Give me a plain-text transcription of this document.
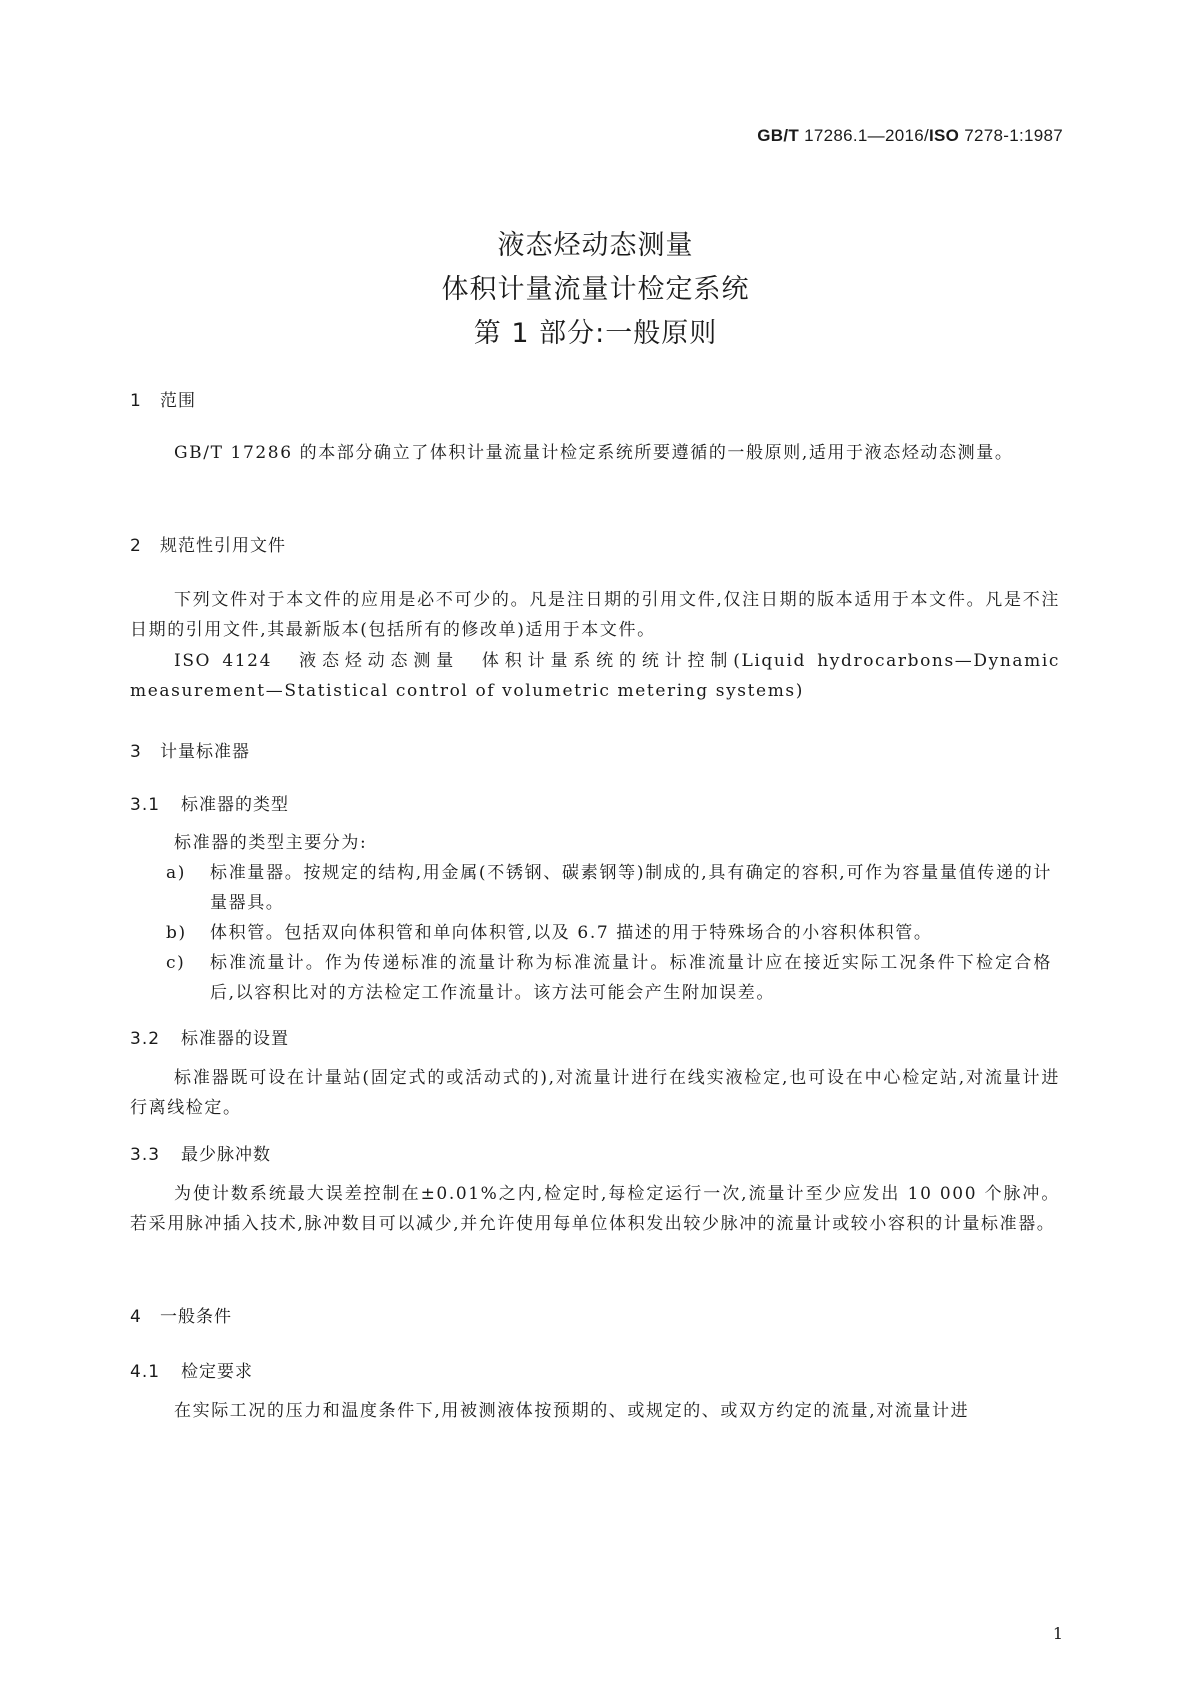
GB/T 17286.1—2016/ISO 7278-1:1987
液态烃动态测量
体积计量流量计检定系统
第 1 部分:一般原则
1 范围
GB/T 17286 的本部分确立了体积计量流量计检定系统所要遵循的一般原则,适用于液态烃动态测量。
2 规范性引用文件
下列文件对于本文件的应用是必不可少的。凡是注日期的引用文件,仅注日期的版本适用于本文件。凡是不注日期的引用文件,其最新版本(包括所有的修改单)适用于本文件。
ISO 4124　液态烃动态测量　体积计量系统的统计控制(Liquid hydrocarbons—Dynamic measurement—Statistical control of volumetric metering systems)
3 计量标准器
3.1 标准器的类型
标准器的类型主要分为:
a)	标准量器。按规定的结构,用金属(不锈钢、碳素钢等)制成的,具有确定的容积,可作为容量量值传递的计量器具。
b)	体积管。包括双向体积管和单向体积管,以及 6.7 描述的用于特殊场合的小容积体积管。
c)	标准流量计。作为传递标准的流量计称为标准流量计。标准流量计应在接近实际工况条件下检定合格后,以容积比对的方法检定工作流量计。该方法可能会产生附加误差。
3.2 标准器的设置
标准器既可设在计量站(固定式的或活动式的),对流量计进行在线实液检定,也可设在中心检定站,对流量计进行离线检定。
3.3 最少脉冲数
为使计数系统最大误差控制在±0.01%之内,检定时,每检定运行一次,流量计至少应发出 10 000 个脉冲。若采用脉冲插入技术,脉冲数目可以减少,并允许使用每单位体积发出较少脉冲的流量计或较小容积的计量标准器。
4 一般条件
4.1 检定要求
在实际工况的压力和温度条件下,用被测液体按预期的、或规定的、或双方约定的流量,对流量计进
1
